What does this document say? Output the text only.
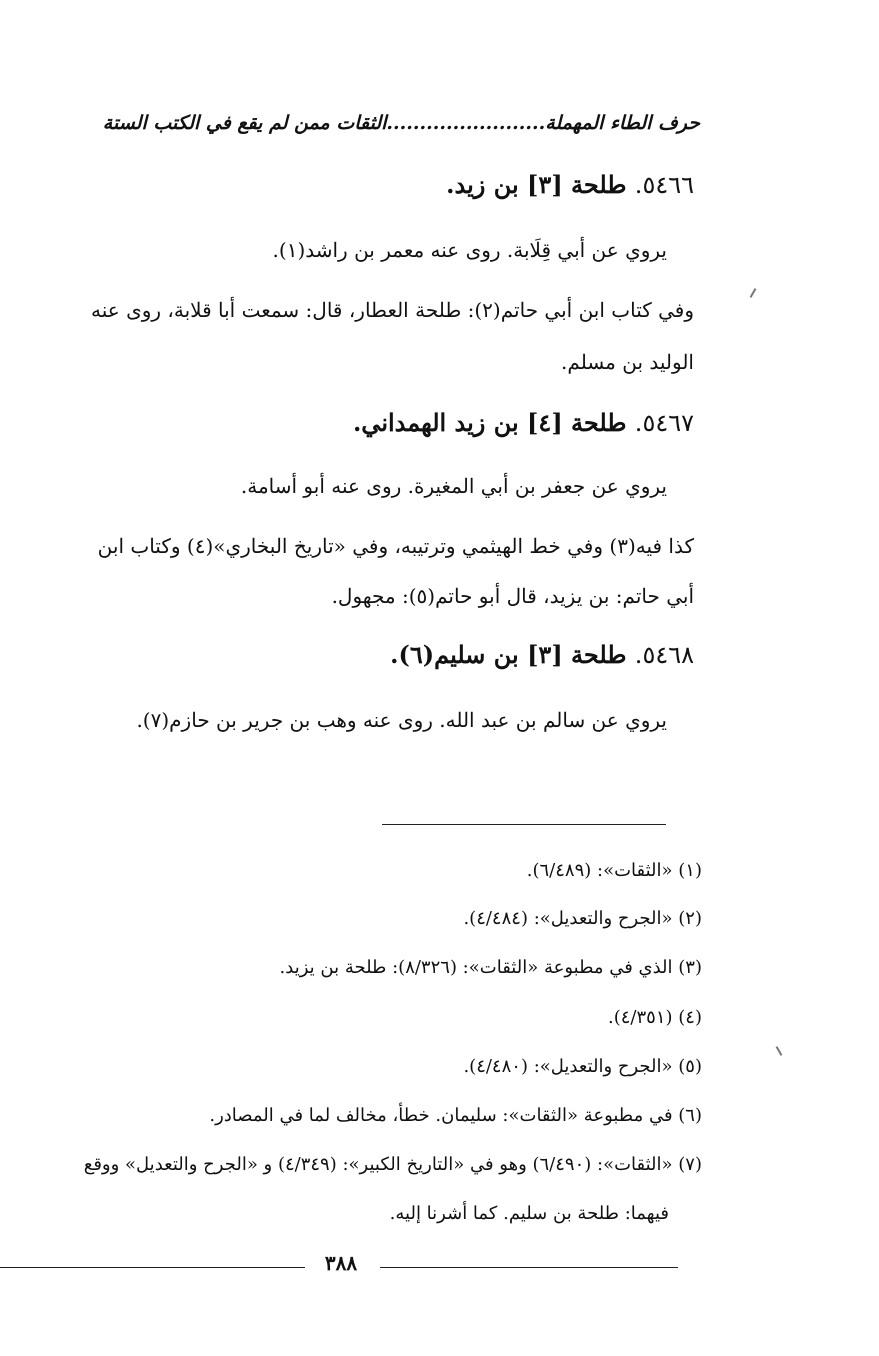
حرف الطاء المهملة........................الثقات ممن لم يقع في الكتب الستة
٥٤٦٦. طلحة [٣] بن زيد.
يروي عن أبي قِلَابة. روى عنه معمر بن راشد(١).
وفي كتاب ابن أبي حاتم(٢): طلحة العطار، قال: سمعت أبا قلابة، روى عنه
الوليد بن مسلم.
٥٤٦٧. طلحة [٤] بن زيد الهمداني.
يروي عن جعفر بن أبي المغيرة. روى عنه أبو أسامة.
كذا فيه(٣) وفي خط الهيثمي وترتيبه، وفي «تاريخ البخاري»(٤) وكتاب ابن
أبي حاتم: بن يزيد، قال أبو حاتم(٥): مجهول.
٥٤٦٨. طلحة [٣] بن سليم(٦).
يروي عن سالم بن عبد الله. روى عنه وهب بن جرير بن حازم(٧).
(١) «الثقات»: (٦/٤٨٩).
(٢) «الجرح والتعديل»: (٤/٤٨٤).
(٣) الذي في مطبوعة «الثقات»: (٨/٣٢٦): طلحة بن يزيد.
(٤) (٤/٣٥١).
(٥) «الجرح والتعديل»: (٤/٤٨٠).
(٦) في مطبوعة «الثقات»: سليمان. خطأ، مخالف لما في المصادر.
(٧) «الثقات»: (٦/٤٩٠) وهو في «التاريخ الكبير»: (٤/٣٤٩) و «الجرح والتعديل» ووقع
فيهما: طلحة بن سليم. كما أشرنا إليه.
٣٨٨
